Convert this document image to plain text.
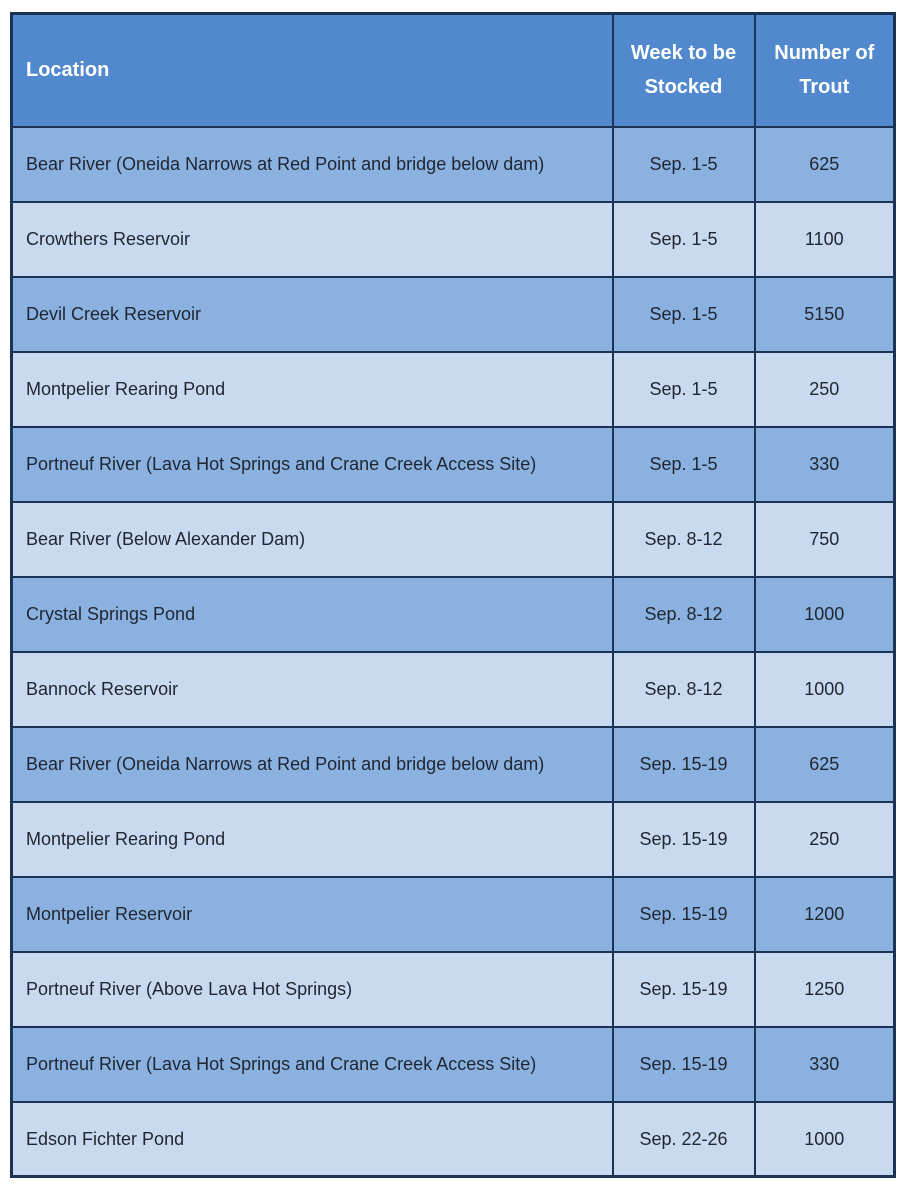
Location	Week to be Stocked	Number of Trout
Bear River (Oneida Narrows at Red Point and bridge below dam)	Sep. 1-5	625
Crowthers Reservoir	Sep. 1-5	1100
Devil Creek Reservoir	Sep. 1-5	5150
Montpelier Rearing Pond	Sep. 1-5	250
Portneuf River (Lava Hot Springs and Crane Creek Access Site)	Sep. 1-5	330
Bear River (Below Alexander Dam)	Sep. 8-12	750
Crystal Springs Pond	Sep. 8-12	1000
Bannock Reservoir	Sep. 8-12	1000
Bear River (Oneida Narrows at Red Point and bridge below dam)	Sep. 15-19	625
Montpelier Rearing Pond	Sep. 15-19	250
Montpelier Reservoir	Sep. 15-19	1200
Portneuf River (Above Lava Hot Springs)	Sep. 15-19	1250
Portneuf River (Lava Hot Springs and Crane Creek Access Site)	Sep. 15-19	330
Edson Fichter Pond	Sep. 22-26	1000
